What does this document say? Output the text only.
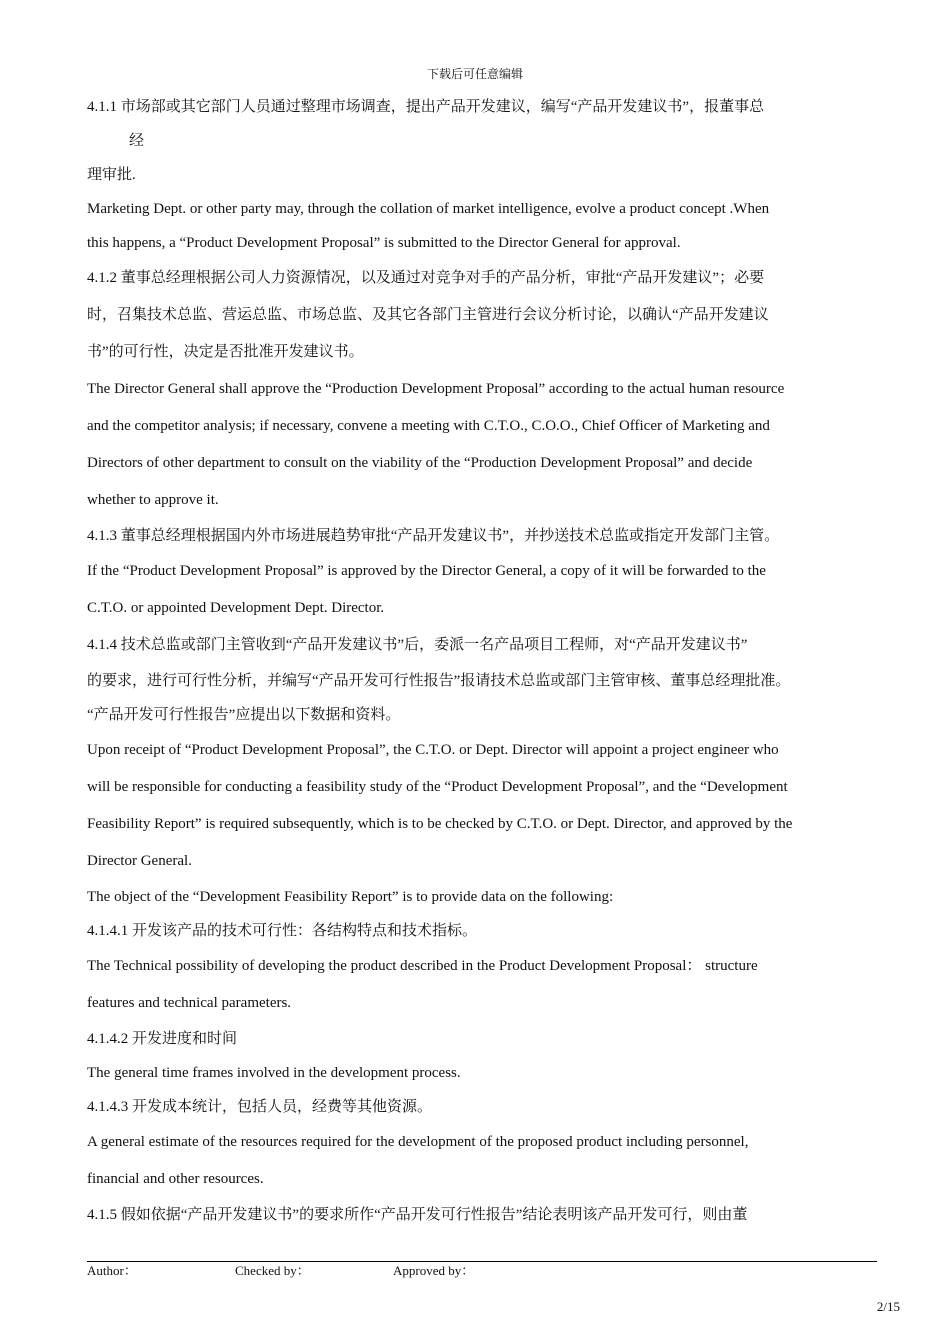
下载后可任意编辑

4.1.1 市场部或其它部门人员通过整理市场调查，提出产品开发建议，编写“产品开发建议书”，报董事总

经

理审批.

Marketing Dept. or other party may, through the collation of market intelligence, evolve a product concept .When

this happens, a “Product Development Proposal” is submitted to the Director General for approval.

4.1.2 董事总经理根据公司人力资源情况，以及通过对竞争对手的产品分析，审批“产品开发建议”；必要

时，召集技术总监、营运总监、市场总监、及其它各部门主管进行会议分析讨论，以确认“产品开发建议

书”的可行性，决定是否批准开发建议书。

The Director General shall approve the “Production Development Proposal” according to the actual human resource

and the competitor analysis; if necessary, convene a meeting with C.T.O., C.O.O., Chief Officer of Marketing and

Directors of other department to consult on the viability of the “Production Development Proposal” and decide

whether to approve it.

4.1.3 董事总经理根据国内外市场进展趋势审批“产品开发建议书”，并抄送技术总监或指定开发部门主管。

If the “Product Development Proposal” is approved by the Director General, a copy of it will be forwarded to the

C.T.O. or appointed Development Dept. Director.

4.1.4 技术总监或部门主管收到“产品开发建议书”后，委派一名产品项目工程师，对“产品开发建议书”

的要求，进行可行性分析，并编写“产品开发可行性报告”报请技术总监或部门主管审核、董事总经理批准。

“产品开发可行性报告”应提出以下数据和资料。

Upon receipt of “Product Development Proposal”, the C.T.O. or Dept. Director will appoint a project engineer who

will be responsible for conducting a feasibility study of the “Product Development Proposal”, and the “Development

Feasibility Report” is required subsequently, which is to be checked by C.T.O. or Dept. Director, and approved by the

Director General.

The object of the “Development Feasibility Report” is to provide data on the following:

4.1.4.1 开发该产品的技术可行性：各结构特点和技术指标。

The Technical possibility of developing the product described in the Product Development Proposal： structure

features and technical parameters.

4.1.4.2 开发进度和时间

The general time frames involved in the development process.

4.1.4.3 开发成本统计，包括人员，经费等其他资源。

A general estimate of the resources required for the development of the proposed product including personnel,

financial and other resources.

4.1.5 假如依据“产品开发建议书”的要求所作“产品开发可行性报告”结论表明该产品开发可行，则由董

Author：	Checked by：	Approved by：
2/15
